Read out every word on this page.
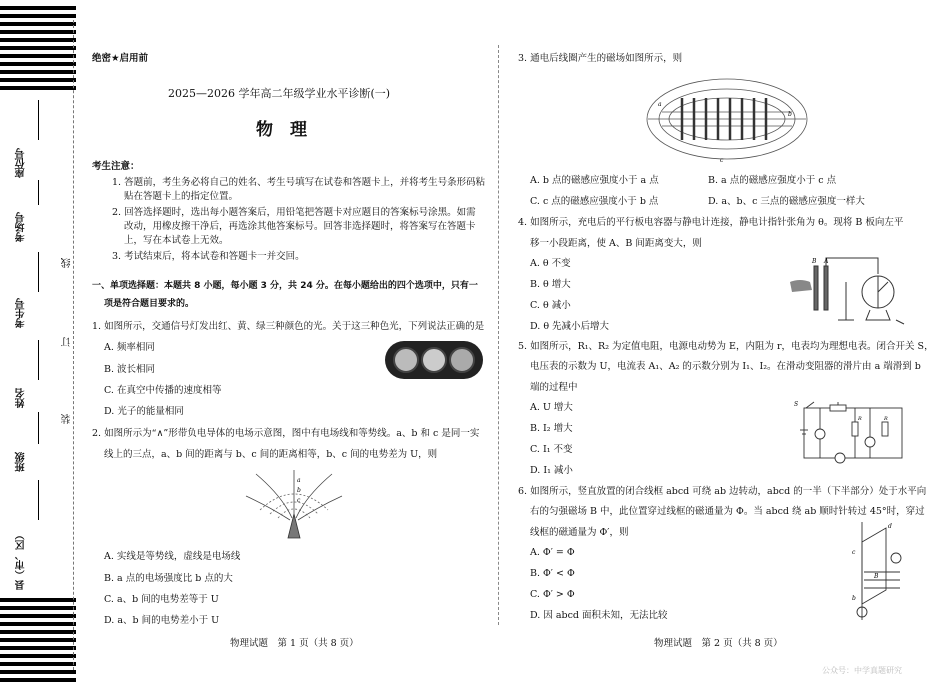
座位号
考场号
考生号
姓名
班级
县（市、区）
线
订
装
绝密★启用前
2025—2026 学年高二年级学业水平诊断(一)
物　理
考生注意：
1. 答题前，考生务必将自己的姓名、考生号填写在试卷和答题卡上，并将考生号条形码粘
贴在答题卡上的指定位置。
2. 回答选择题时，选出每小题答案后，用铅笔把答题卡对应题目的答案标号涂黑。如需
改动，用橡皮擦干净后，再选涂其他答案标号。回答非选择题时，将答案写在答题卡
上，写在本试卷上无效。
3. 考试结束后，将本试卷和答题卡一并交回。
一、单项选择题：本题共 8 小题，每小题 3 分，共 24 分。在每小题给出的四个选项中，只有一
项是符合题目要求的。
1. 如图所示，交通信号灯发出红、黄、绿三种颜色的光。关于这三种色光，下列说法正确的是
A. 频率相同
B. 波长相同
C. 在真空中传播的速度相等
D. 光子的能量相同
2. 如图所示为“∧”形带负电导体的电场示意图，图中有电场线和等势线。a、b 和 c 是同一实
线上的三点，a、b 间的距离与 b、c 间的距离相等，b、c 间的电势差为 U，则
a
b
c
A. 实线是等势线，虚线是电场线
B. a 点的电场强度比 b 点的大
C. a、b 间的电势差等于 U
D. a、b 间的电势差小于 U
物理试题　第 1 页（共 8 页）
3. 通电后线圈产生的磁场如图所示，则
a
b
c
A. b 点的磁感应强度小于 a 点	B. a 点的磁感应强度小于 c 点
C. c 点的磁感应强度小于 b 点	D. a、b、c 三点的磁感应强度一样大
4. 如图所示，充电后的平行板电容器与静电计连接，静电计指针张角为 θ。现将 B 板向左平
移一小段距离，使 A、B 间距离变大，则
A. θ 不变
B. θ 增大
C. θ 减小
D. θ 先减小后增大
B A
5. 如图所示，R₁、R₂ 为定值电阻，电源电动势为 E，内阻为 r，电表均为理想电表。闭合开关 S，
电压表的示数为 U，电流表 A₁、A₂ 的示数分别为 I₁、I₂。在滑动变阻器的滑片由 a 端滑到 b
端的过程中
A. U 增大
B. I₂ 增大
C. I₁ 不变
D. I₁ 减小
S
R	R
6. 如图所示，竖直放置的闭合线框 abcd 可绕 ab 边转动，abcd 的一半（下半部分）处于水平向
右的匀强磁场 B 中，此位置穿过线框的磁通量为 Φ。当 abcd 绕 ab 顺时针转过 45°时，穿过
线框的磁通量为 Φ′，则
A. Φ′ = Φ
B. Φ′ < Φ
C. Φ′ > Φ
D. 因 abcd 面积未知，无法比较
c
d
b
B
物理试题　第 2 页（共 8 页）
公众号：中学真题研究
